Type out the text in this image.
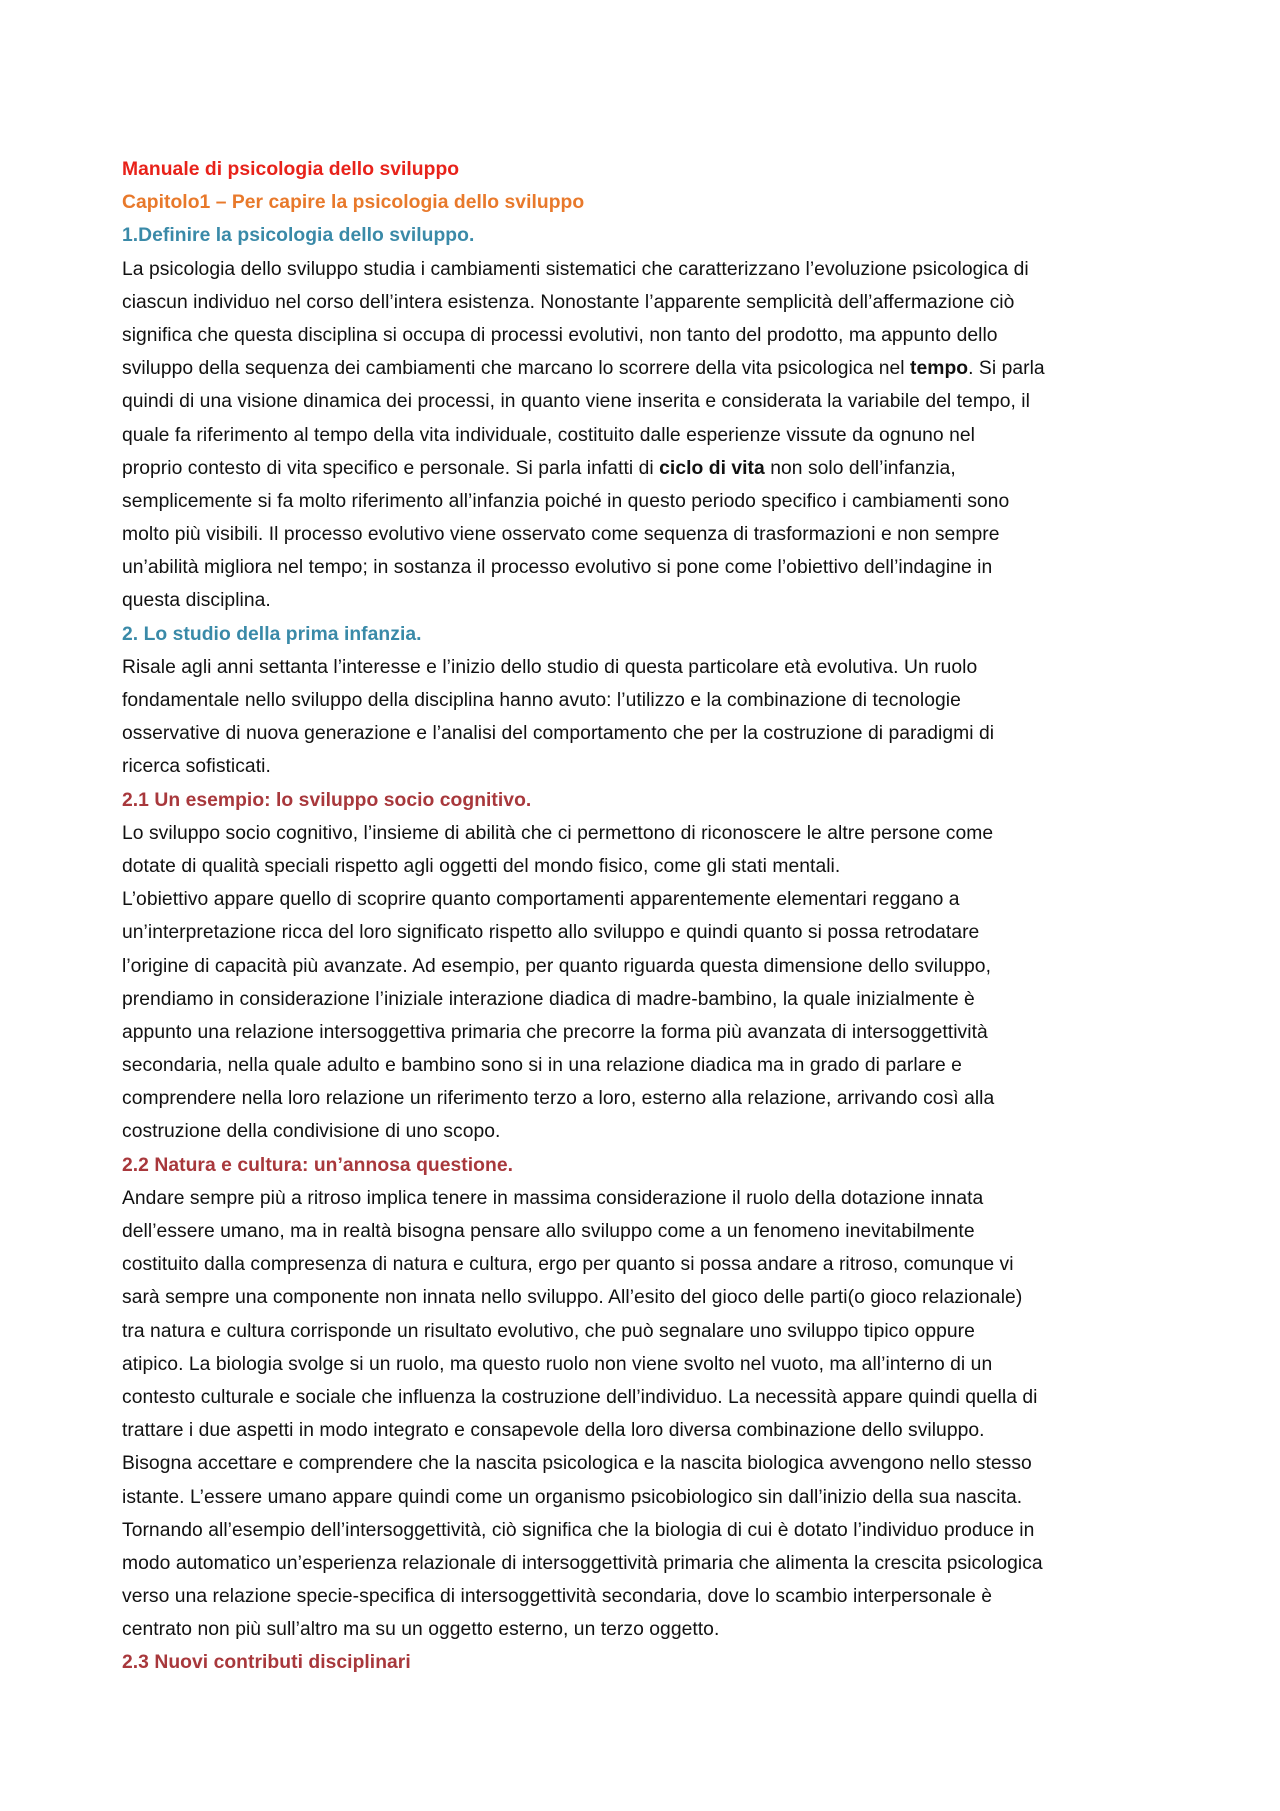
Manuale di psicologia dello sviluppo
Capitolo1 – Per capire la psicologia dello sviluppo
1.Definire la psicologia dello sviluppo.
La psicologia dello sviluppo studia i cambiamenti sistematici che caratterizzano l’evoluzione psicologica di
ciascun individuo nel corso dell’intera esistenza. Nonostante l’apparente semplicità dell’affermazione ciò
significa che questa disciplina si occupa di processi evolutivi, non tanto del prodotto, ma appunto dello
sviluppo della sequenza dei cambiamenti che marcano lo scorrere della vita psicologica nel tempo. Si parla
quindi di una visione dinamica dei processi, in quanto viene inserita e considerata la variabile del tempo, il
quale fa riferimento al tempo della vita individuale, costituito dalle esperienze vissute da ognuno nel
proprio contesto di vita specifico e personale. Si parla infatti di ciclo di vita non solo dell’infanzia,
semplicemente si fa molto riferimento all’infanzia poiché in questo periodo specifico i cambiamenti sono
molto più visibili. Il processo evolutivo viene osservato come sequenza di trasformazioni e non sempre
un’abilità migliora nel tempo; in sostanza il processo evolutivo si pone come l’obiettivo dell’indagine in
questa disciplina.
2. Lo studio della prima infanzia.
Risale agli anni settanta l’interesse e l’inizio dello studio di questa particolare età evolutiva. Un ruolo
fondamentale nello sviluppo della disciplina hanno avuto: l’utilizzo e la combinazione di tecnologie
osservative di nuova generazione e l’analisi del comportamento che per la costruzione di paradigmi di
ricerca sofisticati.
2.1 Un esempio: lo sviluppo socio cognitivo.
Lo sviluppo socio cognitivo, l’insieme di abilità che ci permettono di riconoscere le altre persone come
dotate di qualità speciali rispetto agli oggetti del mondo fisico, come gli stati mentali.
L’obiettivo appare quello di scoprire quanto comportamenti apparentemente elementari reggano a
un’interpretazione ricca del loro significato rispetto allo sviluppo e quindi quanto si possa retrodatare
l’origine di capacità più avanzate. Ad esempio, per quanto riguarda questa dimensione dello sviluppo,
prendiamo in considerazione l’iniziale interazione diadica di madre-bambino, la quale inizialmente è
appunto una relazione intersoggettiva primaria che precorre la forma più avanzata di intersoggettività
secondaria, nella quale adulto e bambino sono si in una relazione diadica ma in grado di parlare e
comprendere nella loro relazione un riferimento terzo a loro, esterno alla relazione, arrivando così alla
costruzione della condivisione di uno scopo.
2.2 Natura e cultura: un’annosa questione.
Andare sempre più a ritroso implica tenere in massima considerazione il ruolo della dotazione innata
dell’essere umano, ma in realtà bisogna pensare allo sviluppo come a un fenomeno inevitabilmente
costituito dalla compresenza di natura e cultura, ergo per quanto si possa andare a ritroso, comunque vi
sarà sempre una componente non innata nello sviluppo. All’esito del gioco delle parti(o gioco relazionale)
tra natura e cultura corrisponde un risultato evolutivo, che può segnalare uno sviluppo tipico oppure
atipico. La biologia svolge si un ruolo, ma questo ruolo non viene svolto nel vuoto, ma all’interno di un
contesto culturale e sociale che influenza la costruzione dell’individuo. La necessità appare quindi quella di
trattare i due aspetti in modo integrato e consapevole della loro diversa combinazione dello sviluppo.
Bisogna accettare e comprendere che la nascita psicologica e la nascita biologica avvengono nello stesso
istante. L’essere umano appare quindi come un organismo psicobiologico sin dall’inizio della sua nascita.
Tornando all’esempio dell’intersoggettività, ciò significa che la biologia di cui è dotato l’individuo produce in
modo automatico un’esperienza relazionale di intersoggettività primaria che alimenta la crescita psicologica
verso una relazione specie-specifica di intersoggettività secondaria, dove lo scambio interpersonale è
centrato non più sull’altro ma su un oggetto esterno, un terzo oggetto.
2.3 Nuovi contributi disciplinari
